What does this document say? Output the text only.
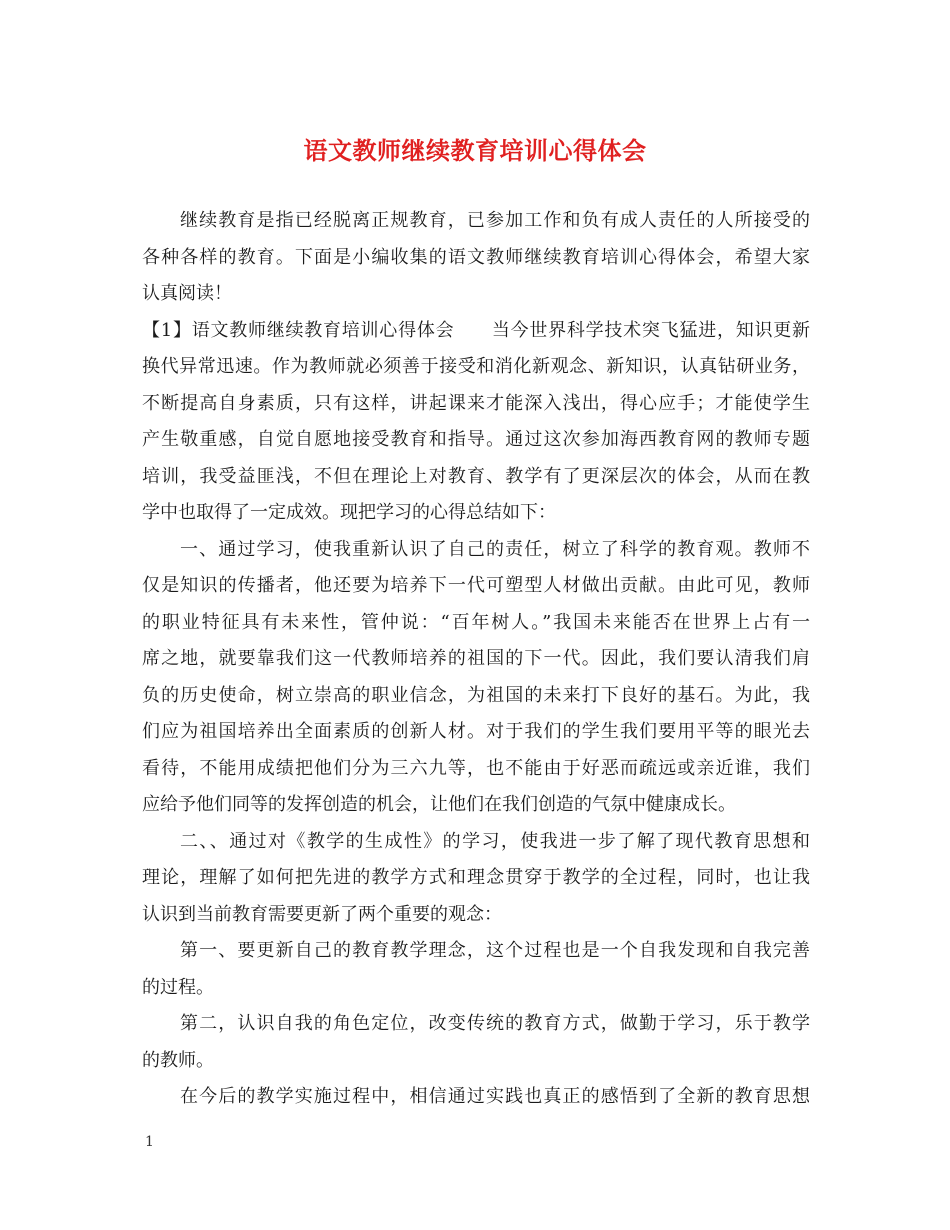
语文教师继续教育培训心得体会
继续教育是指已经脱离正规教育，已参加工作和负有成人责任的人所接受的
各种各样的教育。下面是小编收集的语文教师继续教育培训心得体会，希望大家
认真阅读！
【1】语文教师继续教育培训心得体会　　当今世界科学技术突飞猛进，知识更新
换代异常迅速。作为教师就必须善于接受和消化新观念、新知识，认真钻研业务，
不断提高自身素质，只有这样，讲起课来才能深入浅出，得心应手；才能使学生
产生敬重感，自觉自愿地接受教育和指导。通过这次参加海西教育网的教师专题
培训，我受益匪浅，不但在理论上对教育、教学有了更深层次的体会，从而在教
学中也取得了一定成效。现把学习的心得总结如下：
一、通过学习，使我重新认识了自己的责任，树立了科学的教育观。教师不
仅是知识的传播者，他还要为培养下一代可塑型人材做出贡献。由此可见，教师
的职业特征具有未来性，管仲说：“百年树人。”我国未来能否在世界上占有一
席之地，就要靠我们这一代教师培养的祖国的下一代。因此，我们要认清我们肩
负的历史使命，树立崇高的职业信念，为祖国的未来打下良好的基石。为此，我
们应为祖国培养出全面素质的创新人材。对于我们的学生我们要用平等的眼光去
看待，不能用成绩把他们分为三六九等，也不能由于好恶而疏远或亲近谁，我们
应给予他们同等的发挥创造的机会，让他们在我们创造的气氛中健康成长。
二、、通过对《教学的生成性》的学习，使我进一步了解了现代教育思想和
理论，理解了如何把先进的教学方式和理念贯穿于教学的全过程，同时，也让我
认识到当前教育需要更新了两个重要的观念：
第一、要更新自己的教育教学理念，这个过程也是一个自我发现和自我完善
的过程。
第二，认识自我的角色定位，改变传统的教育方式，做勤于学习，乐于教学
的教师。
在今后的教学实施过程中，相信通过实践也真正的感悟到了全新的教育思想
1
